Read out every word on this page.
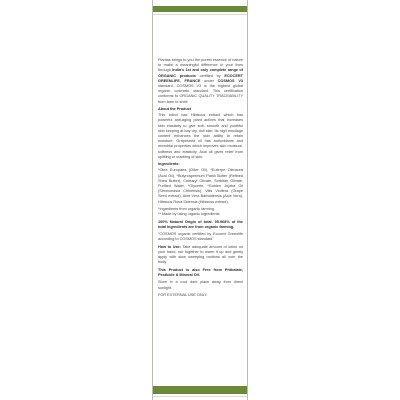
Plantas brings to you the purest essence of nature to make a meaningful difference in your lives through India's 1st and only complete range of ORGANIC products certified by ECOCERT GREENLIFE, FRANCE under COSMOS V3 standard. COSMOS V3 is the highest global organic cosmetic standard. This certification conforms to ORGANIC QUALITY TRACEABILITY from farm to shelf.

About the Product
This lotion has Hibiscus extract which has powerful anti-aging plant actives that increases skin elasticity to give soft, smooth and youthful skin keeping at bay dry, dull skin. Its high mucilage content enhances the skin ability to retain moisture. Grapeseed oil has antioxidants and microbial properties which improves skin moisture, softness and elasticity. Acai oil gives relief from splitting or cracking of skin.

Ingredients:
*Olea Europaea (Olive Oil), *Euterpe Oleracea (Acai Oil), *Butyrospermum Parkii Butter (Refined Shea Butter), Cetearyl Olivate, Sorbitan Olivate, Purified Water, *Glycerin, *Golden Jojoba Oil (Simmondsia Chinensis), Vitis Vinifera (Grape Seed extract), Aloe Vera Barbadensis (Aloe Vera), Hibiscus Rosa Sinensis (Hibiscus extract).

*Ingredients from organic farming.

** Made by using organic ingredients

100% Natural Origin of total. 95.968% of the total ingredients are from organic farming.

"COSMOS organic certified by Ecocert Greenlife according to COSMOS standard"

How to Use: Take adequate amount of lotion on your hand, rub together to warm it up and gently apply with slow sweeping motions all over the body.

This Product is also Free from Phthalate, Pesticide & Mineral Oil.

Store in a cool dark place away from direct sunlight.

FOR EXTERNAL USE ONLY.
